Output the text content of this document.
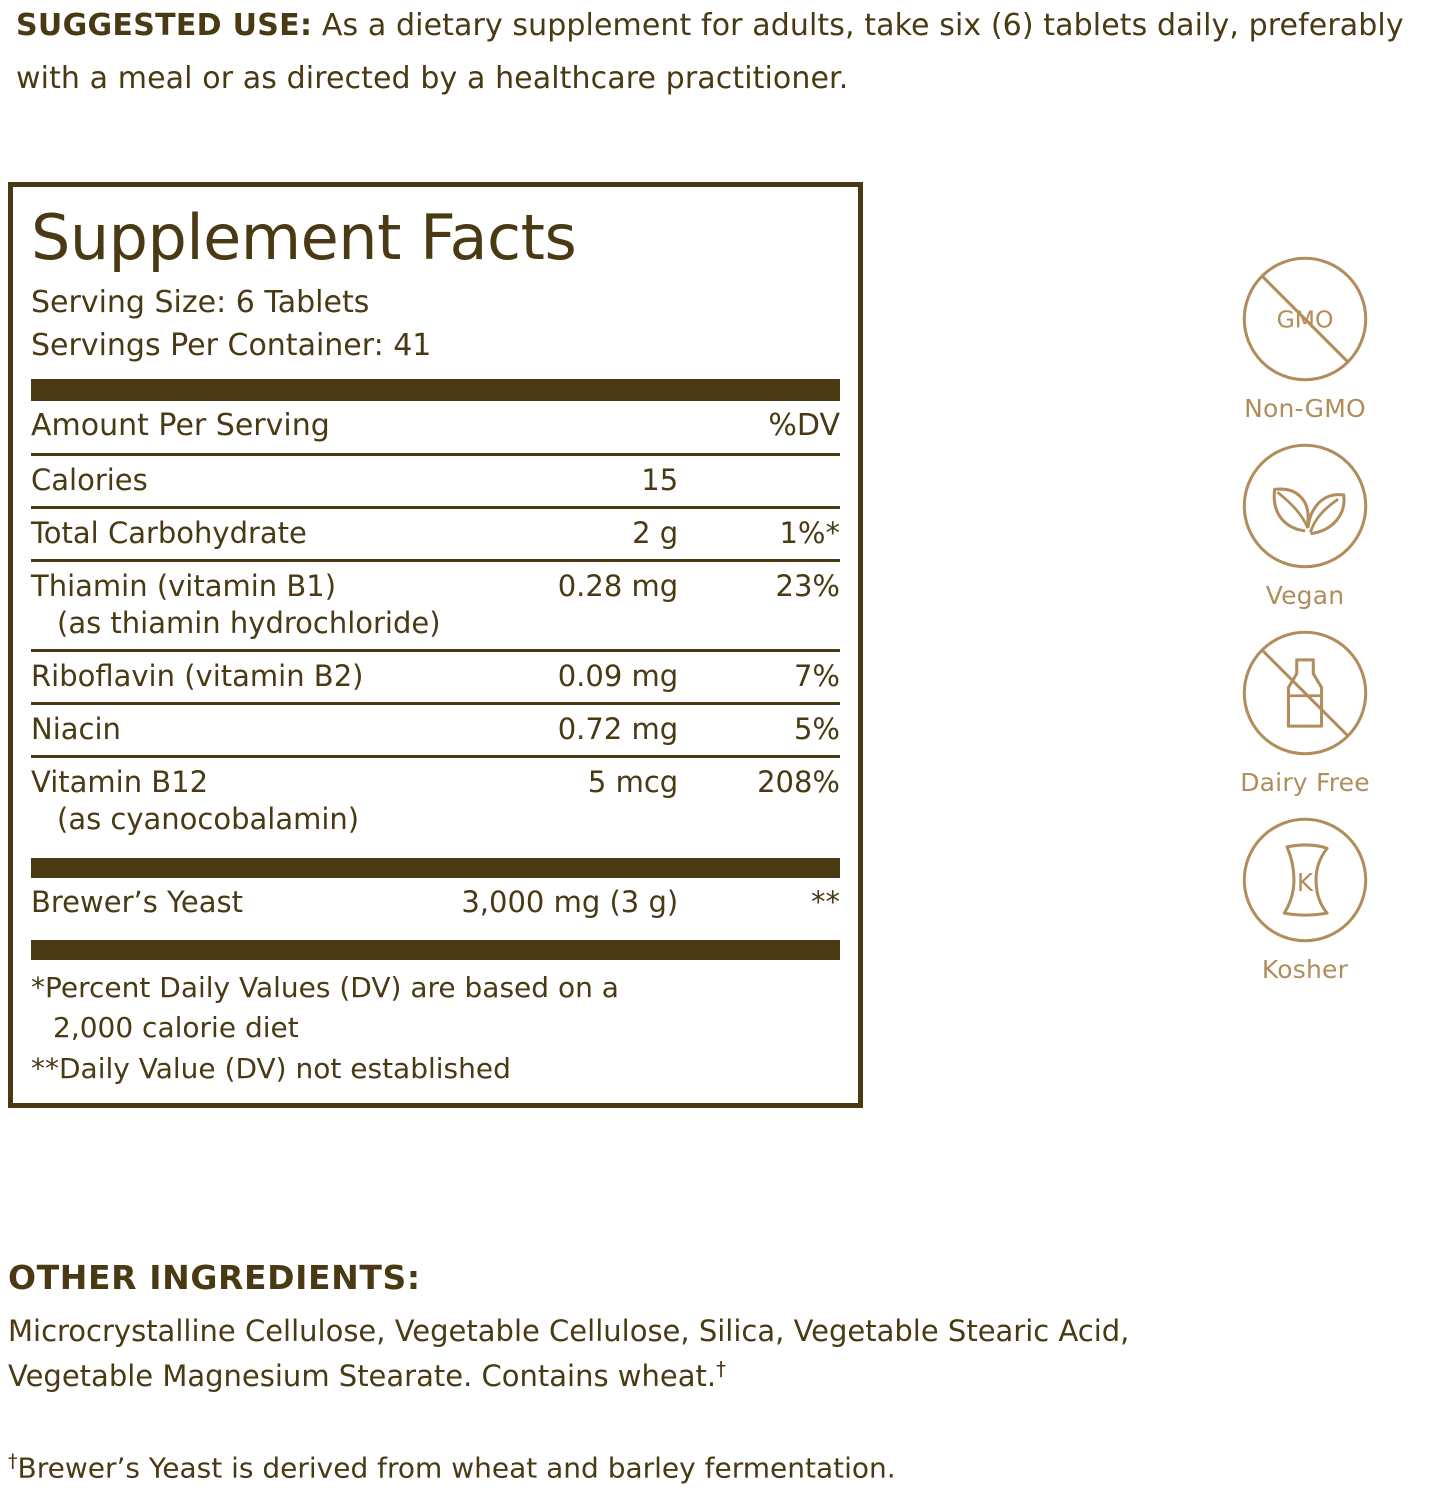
SUGGESTED USE: As a dietary supplement for adults, take six (6) tablets daily, preferably with a meal or as directed by a healthcare practitioner.

Supplement Facts
Serving Size: 6 Tablets
Servings Per Container: 41
Amount Per Serving		%DV
Calories	15	
Total Carbohydrate	2 g	1%*
Thiamin (vitamin B1)
(as thiamin hydrochloride)	0.28 mg	23%
Riboflavin (vitamin B2)	0.09 mg	7%
Niacin	0.72 mg	5%
Vitamin B12
(as cyanocobalamin)	5 mcg	208%
Brewer’s Yeast	3,000 mg (3 g)	**
*Percent Daily Values (DV) are based on a
2,000 calorie diet
**Daily Value (DV) not established
GMO
Non-GMO
Vegan
Dairy Free
K
Kosher
OTHER INGREDIENTS:
Microcrystalline Cellulose, Vegetable Cellulose, Silica, Vegetable Stearic Acid, Vegetable Magnesium Stearate. Contains wheat.†
†Brewer’s Yeast is derived from wheat and barley fermentation.
